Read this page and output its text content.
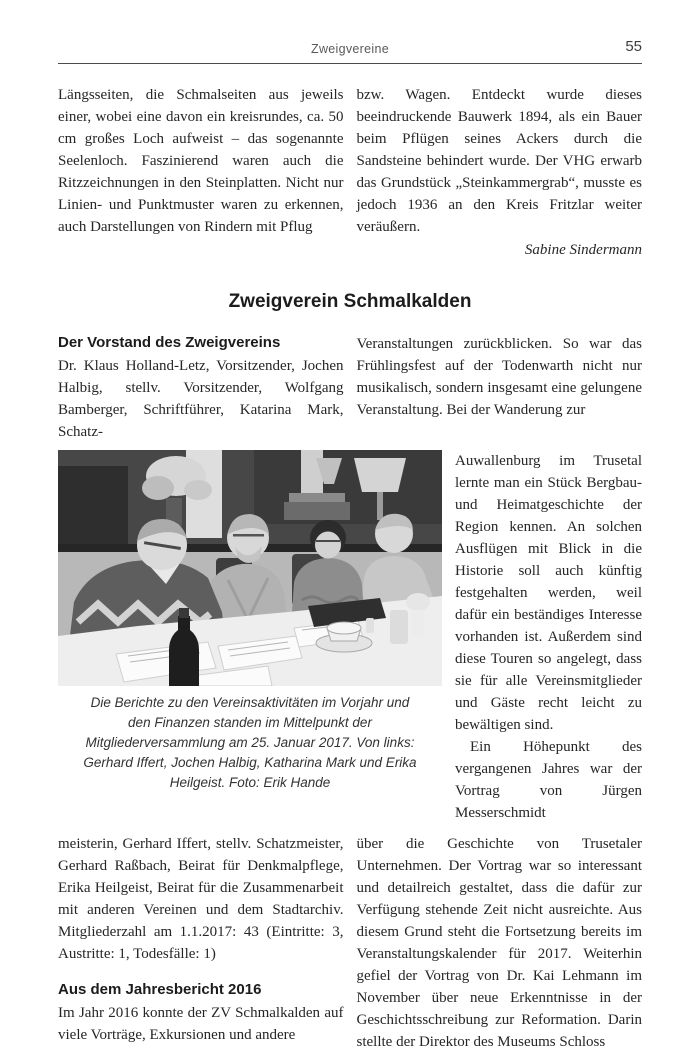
Zweigvereine	55

Längsseiten, die Schmalseiten aus jeweils einer, wobei eine davon ein kreisrundes, ca. 50 cm großes Loch aufweist – das sogenannte Seelenloch. Faszinierend waren auch die Ritzzeichnungen in den Steinplatten. Nicht nur Linien- und Punktmuster waren zu erkennen, auch Darstellungen von Rindern mit Pflug

bzw. Wagen. Entdeckt wurde dieses beeindruckende Bauwerk 1894, als ein Bauer beim Pflügen seines Ackers durch die Sandsteine behindert wurde. Der VHG erwarb das Grundstück „Steinkammergrab“, musste es jedoch 1936 an den Kreis Fritzlar weiter veräußern.

Sabine Sindermann

Zweigverein Schmalkalden
Der Vorstand des Zweigvereins

Dr. Klaus Holland-Letz, Vorsitzender, Jochen Halbig, stellv. Vorsitzender, Wolfgang Bamberger, Schriftführer, Katarina Mark, Schatz-

Veranstaltungen zurückblicken. So war das Frühlingsfest auf der Todenwarth nicht nur musikalisch, sondern insgesamt eine gelungene Veranstaltung. Bei der Wanderung zur

Die Berichte zu den Vereinsaktivitäten im Vorjahr und den Finanzen standen im Mittelpunkt der Mitgliederversammlung am 25. Januar 2017. Von links: Gerhard Iffert, Jochen Halbig, Katharina Mark und Erika Heilgeist. Foto: Erik Hande

Auwallenburg im Trusetal lernte man ein Stück Bergbau- und Heimatgeschichte der Region kennen. An solchen Ausflügen mit Blick in die Historie soll auch künftig festgehalten werden, weil dafür ein beständiges Interesse vorhanden ist. Außerdem sind diese Touren so angelegt, dass sie für alle Vereinsmitglieder und Gäste recht leicht zu bewältigen sind.

Ein Höhepunkt des vergangenen Jahres war der Vortrag von Jürgen Messerschmidt

meisterin, Gerhard Iffert, stellv. Schatzmeister, Gerhard Raßbach, Beirat für Denkmalpflege, Erika Heilgeist, Beirat für die Zusammenarbeit mit anderen Vereinen und dem Stadtarchiv. Mitgliederzahl am 1.1.2017: 43 (Eintritte: 3, Austritte: 1, Todesfälle: 1)

Aus dem Jahresbericht 2016

Im Jahr 2016 konnte der ZV Schmalkalden auf viele Vorträge, Exkursionen und andere

über die Geschichte von Trusetaler Unternehmen. Der Vortrag war so interessant und detailreich gestaltet, dass die dafür zur Verfügung stehende Zeit nicht ausreichte. Aus diesem Grund steht die Fortsetzung bereits im Veranstaltungskalender für 2017. Weiterhin gefiel der Vortrag von Dr. Kai Lehmann im November über neue Erkenntnisse in der Geschichtsschreibung zur Reformation. Darin stellte der Direktor des Museums Schloss
